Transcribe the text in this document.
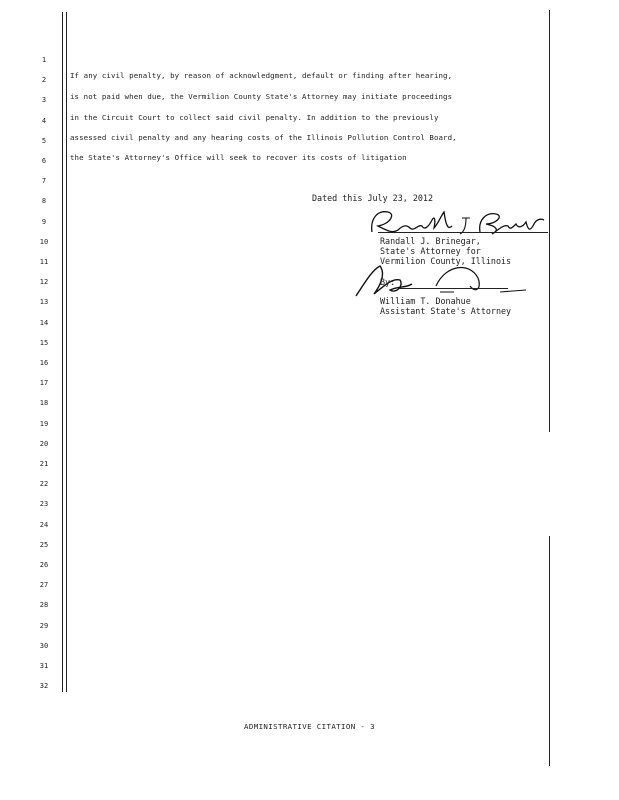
1
2
3
4
5
6
7
8
9
10
11
12
13
14
15
16
17
18
19
20
21
22
23
24
25
26
27
28
29
30
31
32
If any civil penalty, by reason of acknowledgment, default or finding after hearing,
is not paid when due, the Vermilion County State's Attorney may initiate proceedings
in the Circuit Court to collect said civil penalty. In addition to the previously
assessed civil penalty and any hearing costs of the Illinois Pollution Control Board,
the State's Attorney's Office will seek to recover its costs of litigation
Dated this July 23, 2012
Randall J. Brinegar,
State's Attorney for
Vermilion County, Illinois
By:
William T. Donahue
Assistant State's Attorney
ADMINISTRATIVE CITATION - 3
